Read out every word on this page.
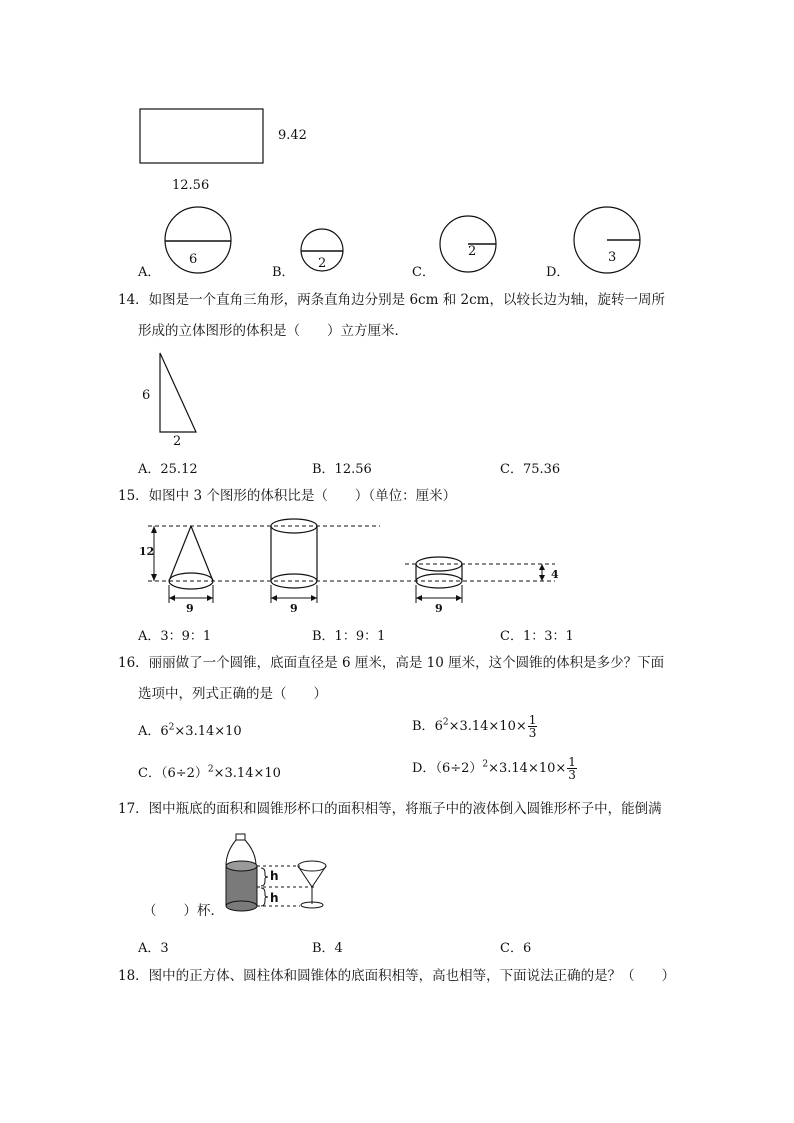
9.42
12.56
6	2
2	3
A．	B．	C．	D．
14．如图是一个直角三角形，两条直角边分别是 6cm 和 2cm，以较长边为轴，旋转一周所
形成的立体图形的体积是（　　）立方厘米．
6
2
A．25.12	B．12.56	C．75.36
15．如图中 3 个图形的体积比是（　　）（单位：厘米）
12
4
9	9	9
A．3：9：1	B．1：9：1	C．1：3：1
16．丽丽做了一个圆锥，底面直径是 6 厘米，高是 10 厘米，这个圆锥的体积是多少？下面
选项中，列式正确的是（　　）
A．$6^2\times 3.14\times 10$	B．$6^2\times 3.14\times 10\times \frac{1}{3}$
C．$(6\div 2)^2\times 3.14\times 10$	D．$(6\div 2)^2\times 3.14\times 10\times \frac{1}{3}$
17．图中瓶底的面积和圆锥形杯口的面积相等，将瓶子中的液体倒入圆锥形杯子中，能倒满
h
h
（　　）杯．
A．3	B．4	C．6
18．图中的正方体、圆柱体和圆锥体的底面积相等，高也相等，下面说法正确的是？（　　）
